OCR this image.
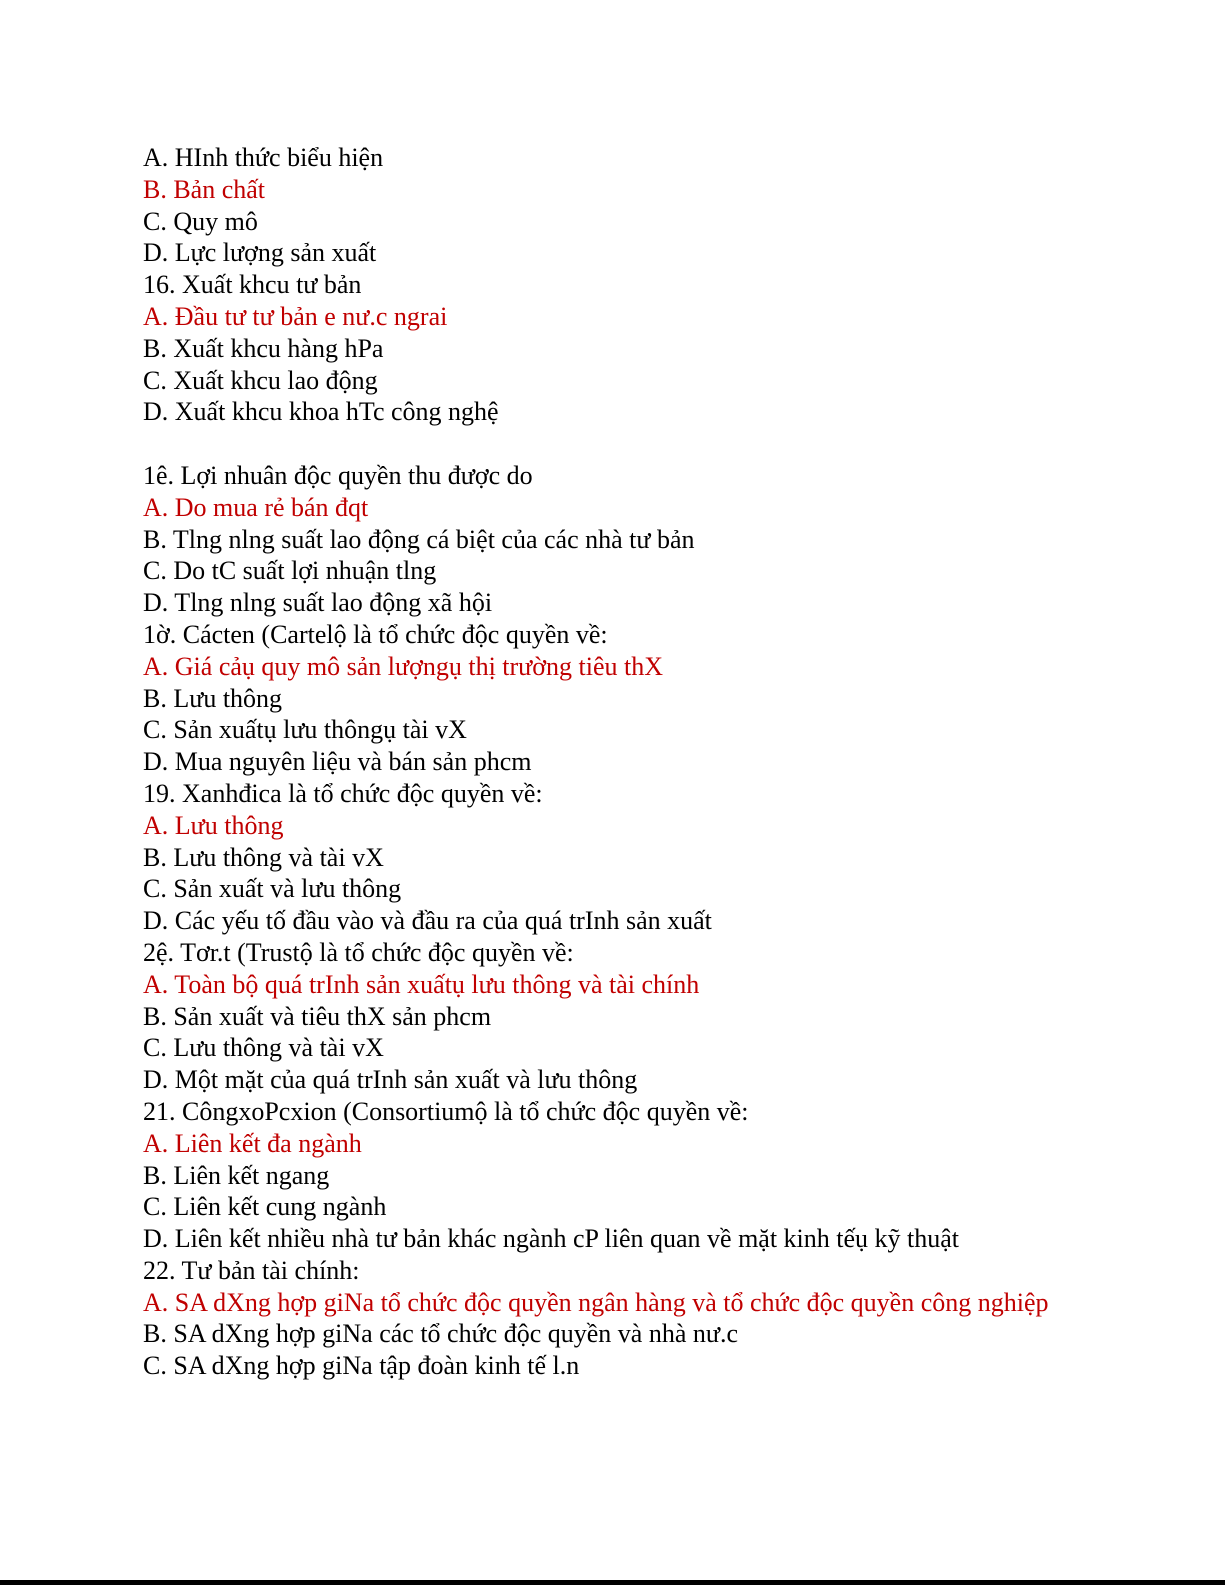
A. HInh thức biểu hiện
B. Bản chất
C. Quy mô
D. Lực lượng sản xuất
16. Xuất khcu tư bản
A. Đầu tư tư bản e nư.c ngrai
B. Xuất khcu hàng hPa
C. Xuất khcu lao động
D. Xuất khcu khoa hTc công nghệ
1ê. Lợi nhuân độc quyền thu được do
A. Do mua rẻ bán đqt
B. Tlng nlng suất lao động cá biệt của các nhà tư bản
C. Do tC suất lợi nhuận tlng
D. Tlng nlng suất lao động xã hội
1ờ. Cácten (Cartelộ là tổ chức độc quyền về:
A. Giá cảụ quy mô sản lượngụ thị trường tiêu thX
B. Lưu thông
C. Sản xuấtụ lưu thôngụ tài vX
D. Mua nguyên liệu và bán sản phcm
19. Xanhđica là tổ chức độc quyền về:
A. Lưu thông
B. Lưu thông và tài vX
C. Sản xuất và lưu thông
D. Các yếu tố đầu vào và đầu ra của quá trInh sản xuất
2ệ. Tơr.t (Trustộ là tổ chức độc quyền về:
A. Toàn bộ quá trInh sản xuấtụ lưu thông và tài chính
B. Sản xuất và tiêu thX sản phcm
C. Lưu thông và tài vX
D. Một mặt của quá trInh sản xuất và lưu thông
21. CôngxoPcxion (Consortiumộ là tổ chức độc quyền về:
A. Liên kết đa ngành
B. Liên kết ngang
C. Liên kết cung ngành
D. Liên kết nhiều nhà tư bản khác ngành cP liên quan về mặt kinh tếụ kỹ thuật
22. Tư bản tài chính:
A. SA dXng hợp giNa tổ chức độc quyền ngân hàng và tổ chức độc quyền công nghiệp
B. SA dXng hợp giNa các tổ chức độc quyền và nhà nư.c
C. SA dXng hợp giNa tập đoàn kinh tế l.n
